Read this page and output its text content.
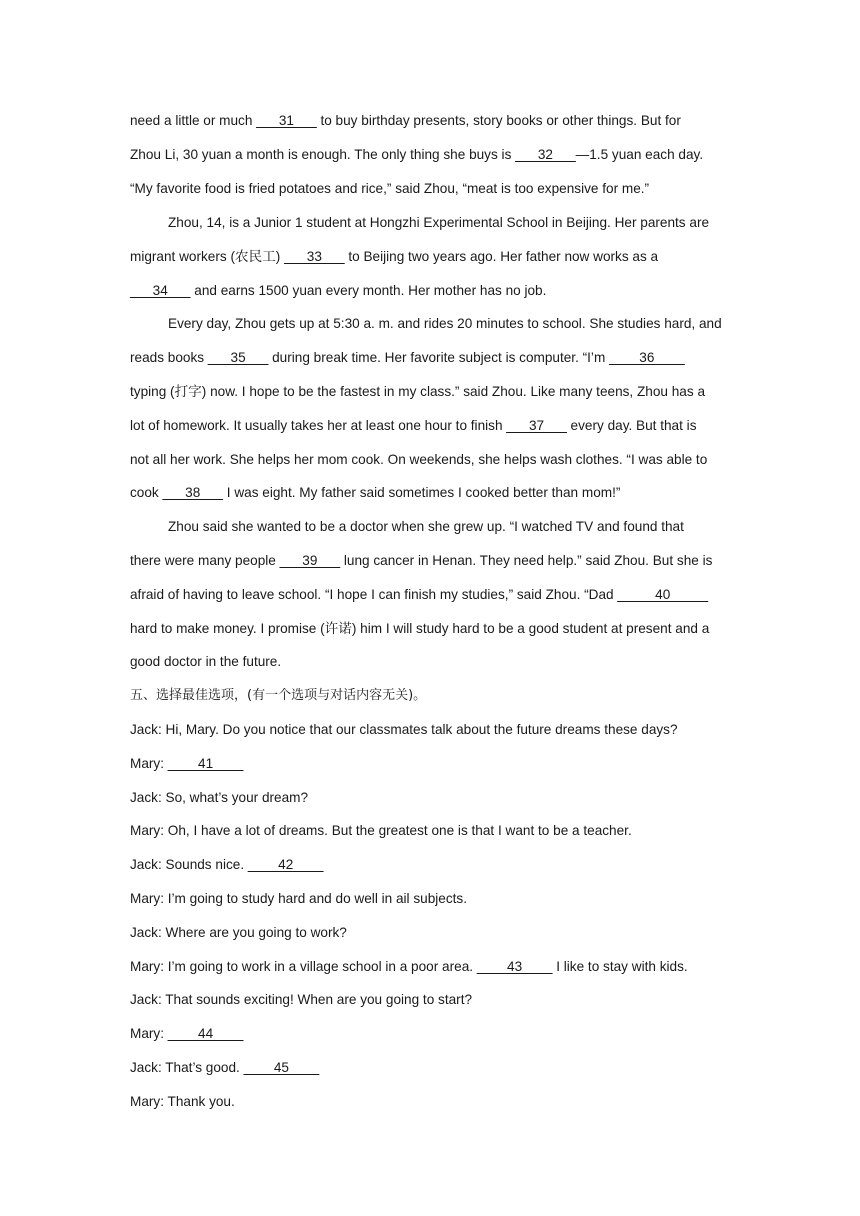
need a little or much ___31___ to buy birthday presents, story books or other things. But for
Zhou Li, 30 yuan a month is enough. The only thing she buys is ___32___—1.5 yuan each day.
“My favorite food is fried potatoes and rice,” said Zhou, “meat is too expensive for me.”
Zhou, 14, is a Junior 1 student at Hongzhi Experimental School in Beijing. Her parents are
migrant workers (农民工) ___33___ to Beijing two years ago. Her father now works as a
___34___ and earns 1500 yuan every month. Her mother has no job.
Every day, Zhou gets up at 5:30 a. m. and rides 20 minutes to school. She studies hard, and
reads books ___35___ during break time. Her favorite subject is computer. “I’m ____36____
typing (打字) now. I hope to be the fastest in my class.” said Zhou. Like many teens, Zhou has a
lot of homework. It usually takes her at least one hour to finish ___37___ every day. But that is
not all her work. She helps her mom cook. On weekends, she helps wash clothes. “I was able to
cook ___38___ I was eight. My father said sometimes I cooked better than mom!”
Zhou said she wanted to be a doctor when she grew up. “I watched TV and found that
there were many people ___39___ lung cancer in Henan. They need help.” said Zhou. But she is
afraid of having to leave school. “I hope I can finish my studies,” said Zhou. “Dad _____40_____
hard to make money. I promise (许诺) him I will study hard to be a good student at present and a
good doctor in the future.
五、选择最佳选项，(有一个选项与对话内容无关)。
Jack: Hi, Mary. Do you notice that our classmates talk about the future dreams these days?
Mary: ____41____
Jack: So, what’s your dream?
Mary: Oh, I have a lot of dreams. But the greatest one is that I want to be a teacher.
Jack: Sounds nice. ____42____
Mary: I’m going to study hard and do well in ail subjects.
Jack: Where are you going to work?
Mary: I’m going to work in a village school in a poor area. ____43____ I like to stay with kids.
Jack: That sounds exciting! When are you going to start?
Mary: ____44____
Jack: That’s good. ____45____
Mary: Thank you.
